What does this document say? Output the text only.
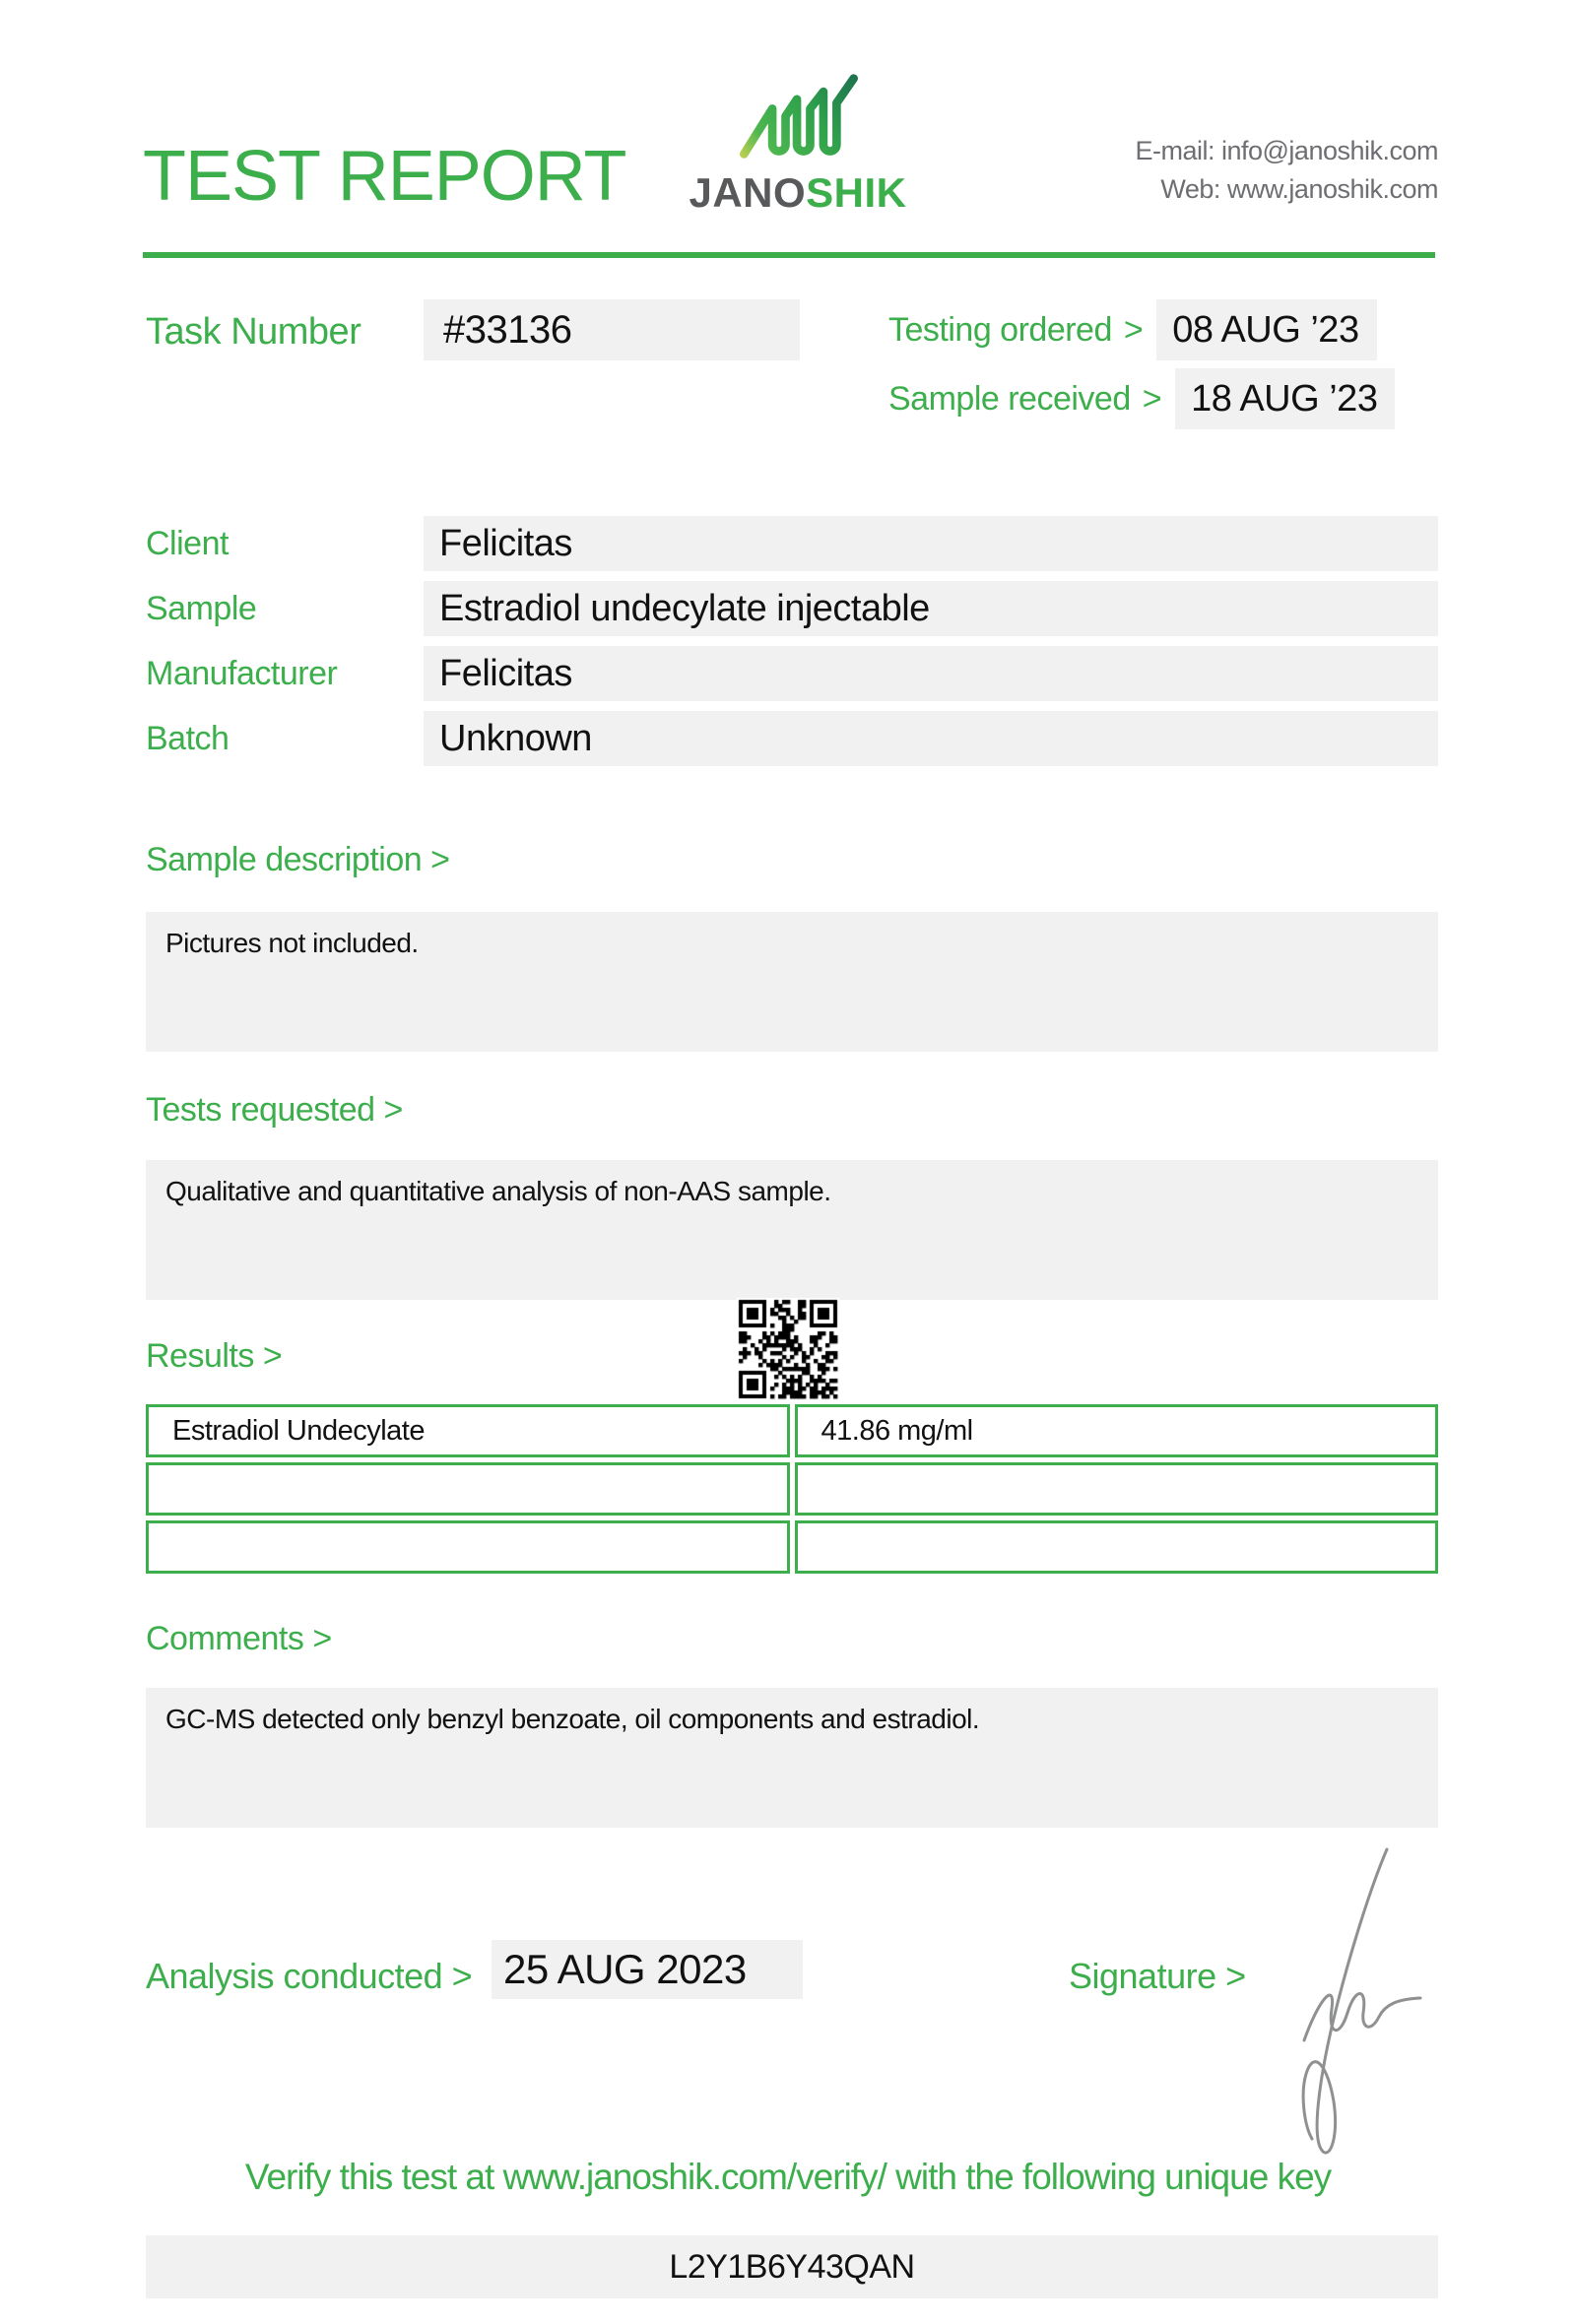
TEST REPORT JANOSHIK
E-mail: info@janoshik.com
Web: www.janoshik.com
Task Number	#33136	Testing ordered > 08 AUG ’23
Sample received > 18 AUG ’23
Client	Felicitas
Sample	Estradiol undecylate injectable
Manufacturer	Felicitas
Batch	Unknown
Sample description >
Pictures not included.
Tests requested >
Qualitative and quantitative analysis of non-AAS sample.
Results >
Estradiol Undecylate	41.86 mg/ml
Comments >
GC-MS detected only benzyl benzoate, oil components and estradiol.
Analysis conducted > 25 AUG 2023	Signature >
Verify this test at www.janoshik.com/verify/ with the following unique key
L2Y1B6Y43QAN
